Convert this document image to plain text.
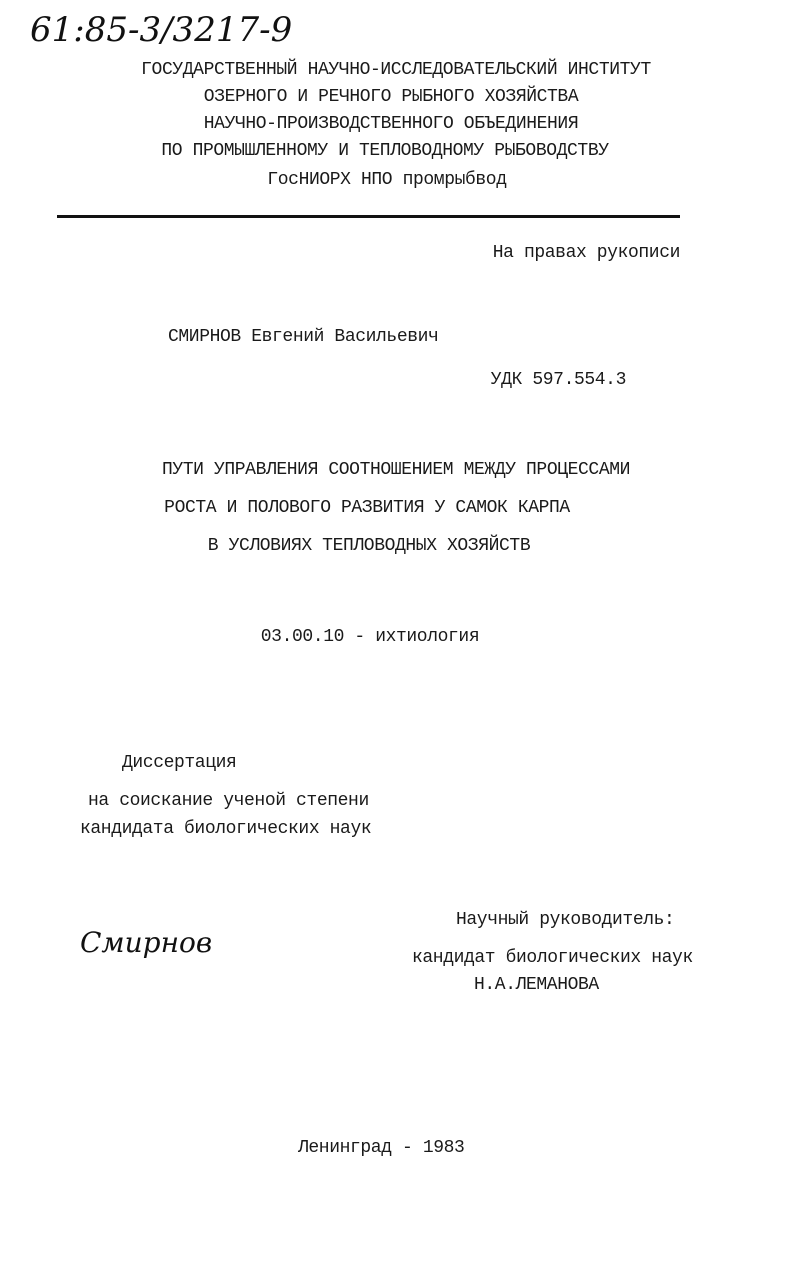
61:85-3/3217-9
ГОСУДАРСТВЕННЫЙ НАУЧНО-ИССЛЕДОВАТЕЛЬСКИЙ ИНСТИТУТ
ОЗЕРНОГО И РЕЧНОГО РЫБНОГО ХОЗЯЙСТВА
НАУЧНО-ПРОИЗВОДСТВЕННОГО ОБЪЕДИНЕНИЯ
ПО ПРОМЫШЛЕННОМУ И ТЕПЛОВОДНОМУ РЫБОВОДСТВУ
ГосНИОРХ НПО промрыбвод
На правах рукописи
СМИРНОВ Евгений Васильевич
УДК 597.554.3
ПУТИ УПРАВЛЕНИЯ СООТНОШЕНИЕМ МЕЖДУ ПРОЦЕССАМИ
РОСТА И ПОЛОВОГО РАЗВИТИЯ У САМОК КАРПА
В УСЛОВИЯХ ТЕПЛОВОДНЫХ ХОЗЯЙСТВ
03.00.10 - ихтиология
Диссертация
на соискание ученой степени
кандидата биологических наук
Смирнов
Научный руководитель:
кандидат биологических наук
Н.А.ЛЕМАНОВА
Ленинград - 1983
